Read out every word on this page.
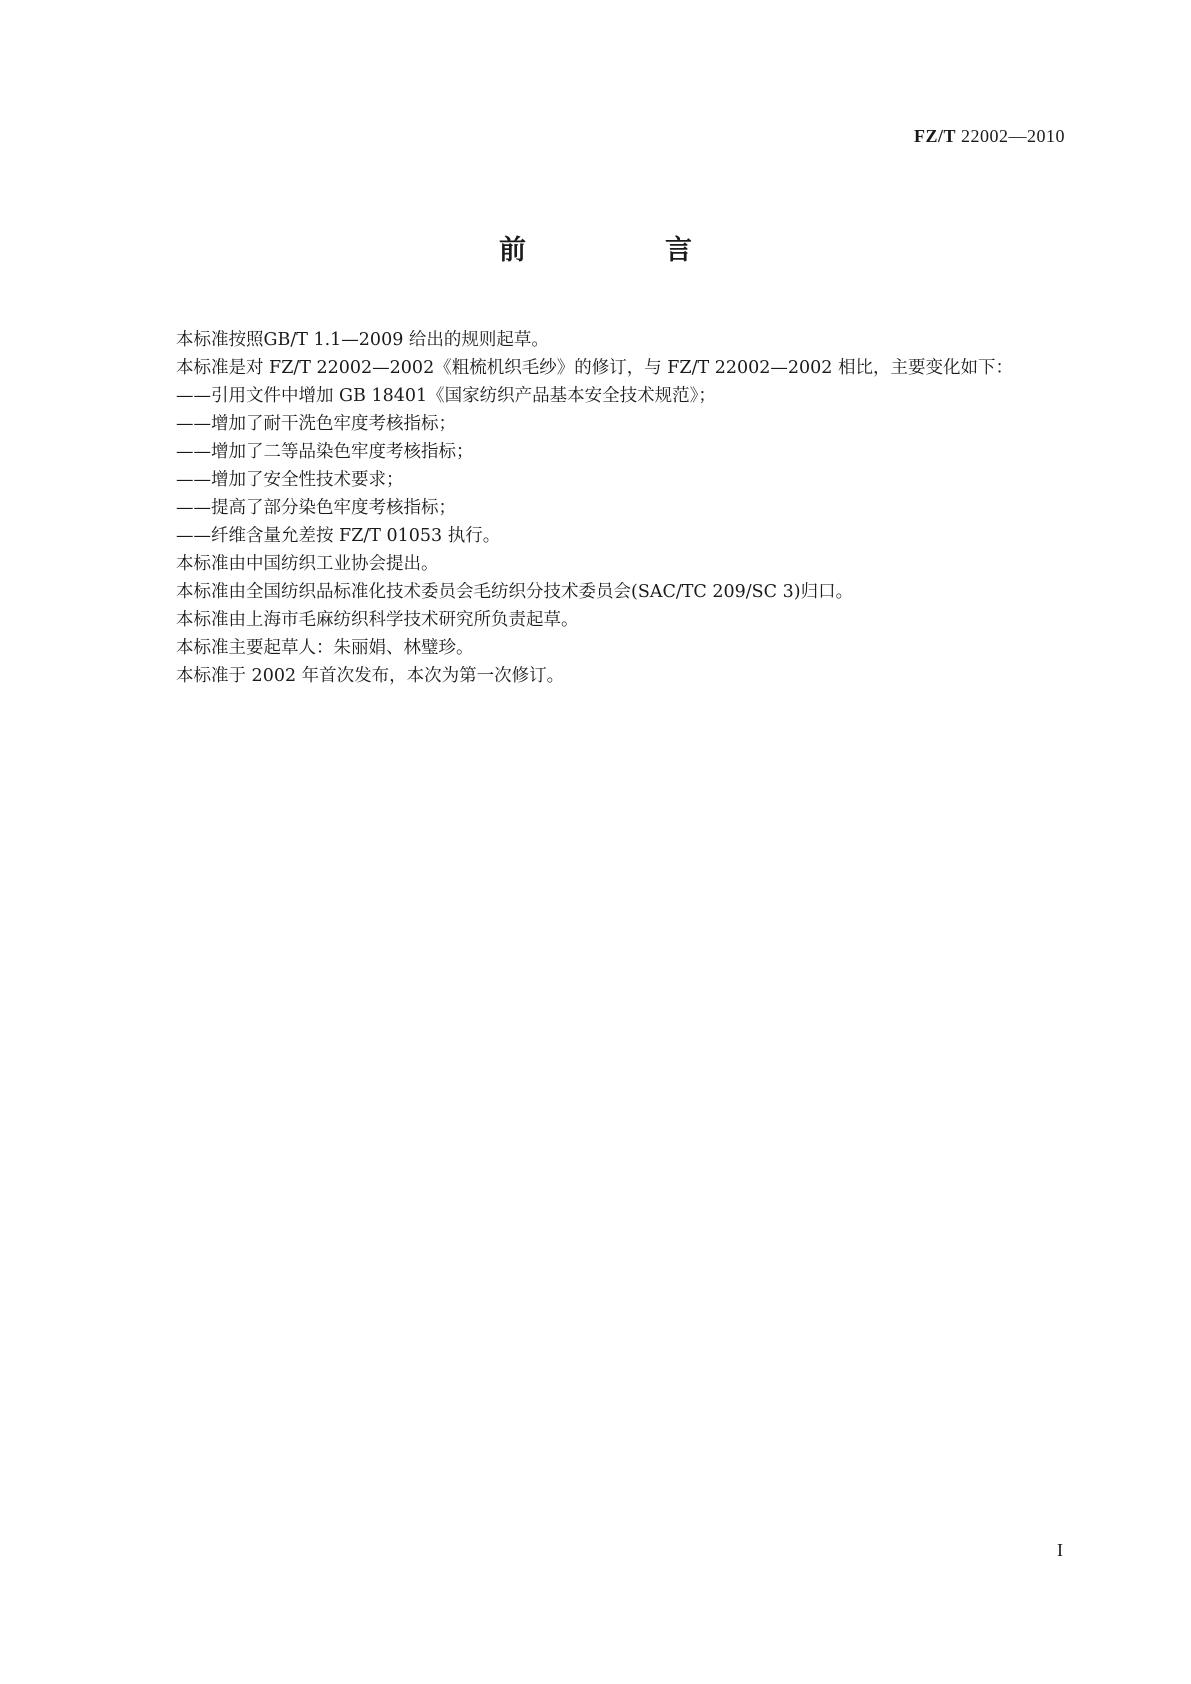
FZ/T 22002—2010
前　言

本标准按照GB/T 1.1—2009 给出的规则起草。

本标准是对 FZ/T 22002—2002《粗梳机织毛纱》的修订，与 FZ/T 22002—2002 相比，主要变化如下：

——引用文件中增加 GB 18401《国家纺织产品基本安全技术规范》；

——增加了耐干洗色牢度考核指标；

——增加了二等品染色牢度考核指标；

——增加了安全性技术要求；

——提高了部分染色牢度考核指标；

——纤维含量允差按 FZ/T 01053 执行。

本标准由中国纺织工业协会提出。

本标准由全国纺织品标准化技术委员会毛纺织分技术委员会(SAC/TC 209/SC 3)归口。

本标准由上海市毛麻纺织科学技术研究所负责起草。

本标准主要起草人：朱丽娟、林璧珍。

本标准于 2002 年首次发布，本次为第一次修订。

I
